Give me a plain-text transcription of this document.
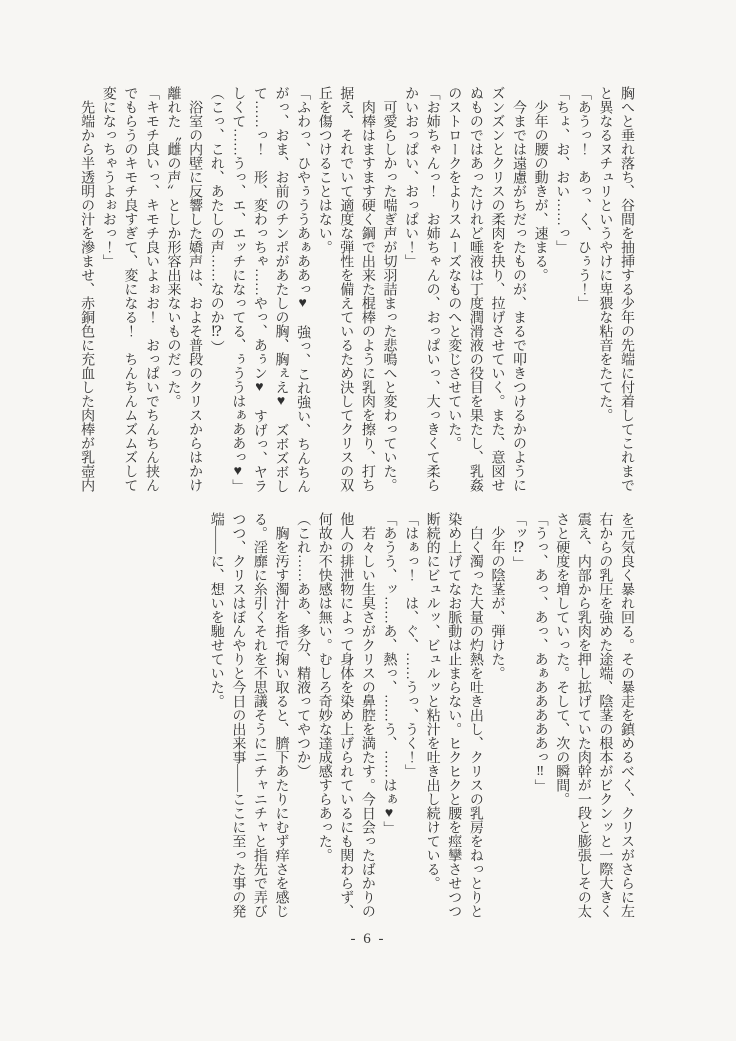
胸へと垂れ落ち、谷間を抽挿する少年の先端に付着してこれまでと異なるヌチュリというやけに卑猥な粘音をたてた。

「あうっ！　あっ、く、ひぅう！」

「ちょ、お、おい……っ」

少年の腰の動きが、速まる。

今までは遠慮がちだったものが、まるで叩きつけるかのようにズンズンとクリスの柔肉を抉り、拉げさせていく。また、意図せぬものではあったけれど唾液は丁度潤滑液の役目を果たし、乳姦のストロークをよりスムーズなものへと変じさせていた。

「お姉ちゃんっ！　お姉ちゃんの、おっぱいっ、大っきくて柔らかいおっぱい、おっぱい！」

可愛らしかった喘ぎ声が切羽詰まった悲鳴へと変わっていた。

肉棒はますます硬く鋼で出来た棍棒のように乳肉を擦り、打ち据え、それでいて適度な弾性を備えているため決してクリスの双丘を傷つけることはない。

「ふわっ、ひやぅううあぁああっ♥　強っ、これ強い、ちんちんがっ、おま、お前のチンポがあたしの胸、胸ぇえ♥　ズボズボして……っ！　形、変わっちゃ……やっ、あぅン♥　すげっ、ヤラしくて……うっ、エ、エッチになってる、ぅううはぁああっ♥」

（こっ、これ、あたしの声……なのか⁉）

浴室の内壁に反響した嬌声は、およそ普段のクリスからはかけ離れた〝雌の声〟としか形容出来ないものだった。

「キモチ良いっ、キモチ良いよぉお！　おっぱいでちんちん挟んでもらうのキモチ良すぎて、変になる！　ちんちんムズムズして変になっちゃうよぉおっ！」

先端から半透明の汁を滲ませ、赤銅色に充血した肉棒が乳壺内

を元気良く暴れ回る。その暴走を鎮めるべく、クリスがさらに左右からの乳圧を強めた途端、陰茎の根本がビクンッと一際大きく震え、内部から乳肉を押し拡げていた肉幹が一段と膨張しその太さと硬度を増していった。そして、次の瞬間。

「うっ、あっ、あっ、あぁあああああっ‼」

「ッ⁉」

少年の陰茎が、弾けた。

白く濁った大量の灼熱を吐き出し、クリスの乳房をねっとりと染め上げてなお脈動は止まらない。ヒクヒクと腰を痙攣させつつ断続的にビュルッ、ビュルッと粘汁を吐き出し続けている。

「はぁっ！　は、ぐ、……うっ、うく！」

「あうう、ッ……あ、熱っ、……う、……はぁ♥」

若々しい生臭さがクリスの鼻腔を満たす。今日会ったばかりの他人の排泄物によって身体を染め上げられているにも関わらず、何故か不快感は無い。むしろ奇妙な達成感すらあった。

（これ……ああ、多分、精液ってやつか）

胸を汚す濁汁を指で掬い取ると、臍下あたりにむず痒さを感じる。淫靡に糸引くそれを不思議そうにニチャニチャと指先で弄びつつ、クリスはぼんやりと今日の出来事――ここに至った事の発端――に、想いを馳せていた。

- 6 -
